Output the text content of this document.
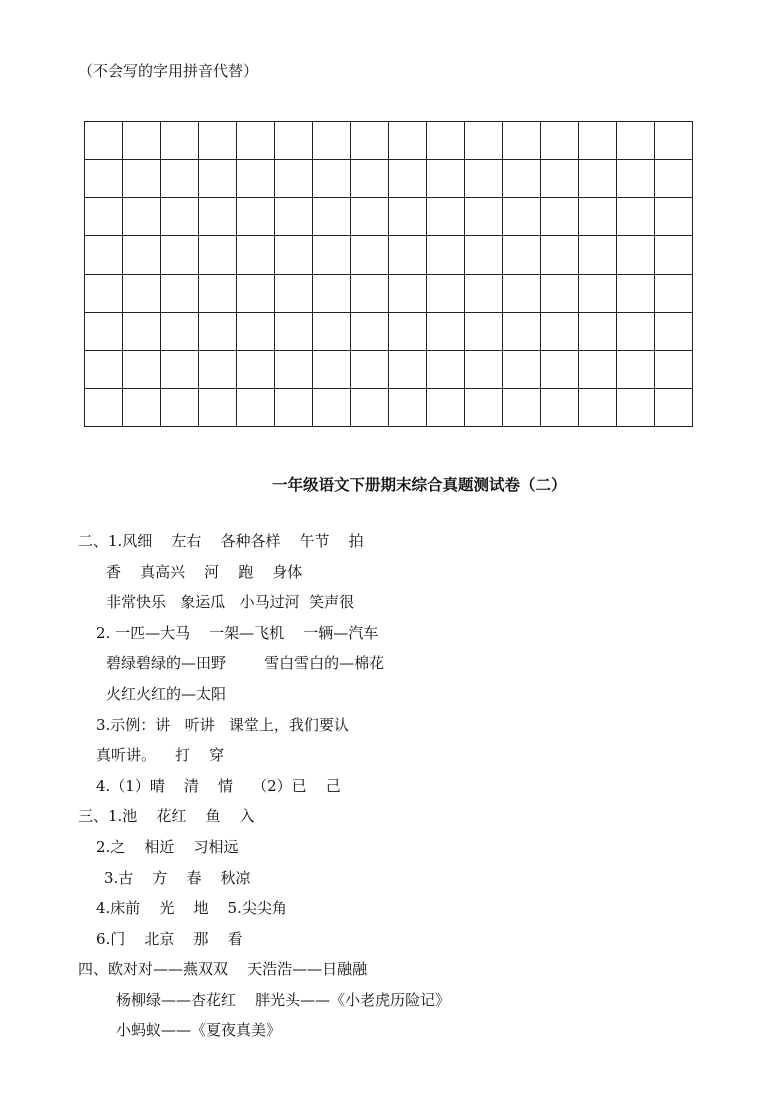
（不会写的字用拼音代替）

一年级语文下册期末综合真题测试卷（二）
二、1.风细    左右    各种各样    午节    拍
香    真高兴    河    跑    身体
非常快乐   象运瓜   小马过河  笑声很
2. 一匹—大马    一架—飞机    一辆—汽车
碧绿碧绿的—田野        雪白雪白的—棉花
火红火红的—太阳
3.示例：讲   听讲   课堂上，我们要认
真听讲。    打    穿
4.（1）晴    清    情    （2）已    己
三、1.池    花红    鱼    入
2.之    相近    习相远
3.古    方    春    秋凉
4.床前    光    地    5.尖尖角
6.门    北京    那    看
四、欧对对——燕双双    天浩浩——日融融
杨柳绿——杏花红    胖光头——《小老虎历险记》
小蚂蚁——《夏夜真美》
